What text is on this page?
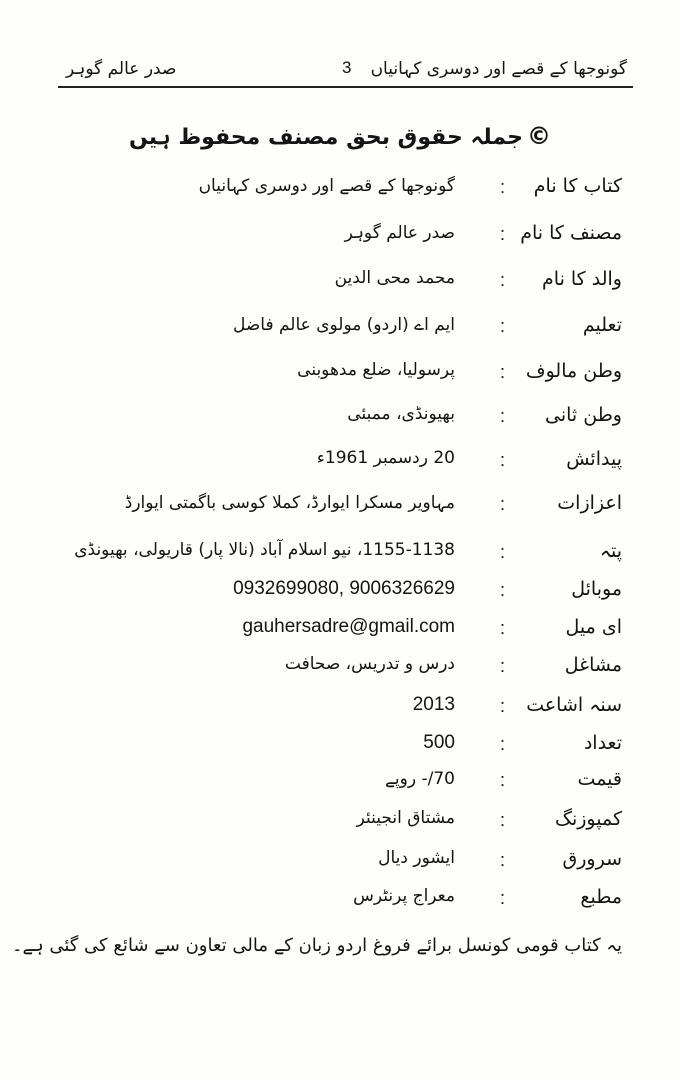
گونوجھا کے قصے اور دوسری کہانیاں
3
صدر عالم گوہر
©جملہ حقوق بحق مصنف محفوظ ہیں
کتاب کا نام
:
گونوجھا کے قصے اور دوسری کہانیاں
مصنف کا نام
:
صدر عالم گوہر
والد کا نام
:
محمد محی الدین
تعلیم
:
ایم اے (اردو) مولوی عالم فاضل
وطن مالوف
:
پرسولیا، ضلع مدھوبنی
وطن ثانی
:
بھیونڈی، ممبئی
پیدائش
:
20 ردسمبر 1961ء
اعزازات
:
مہاویر مسکرا ایوارڈ، کملا کوسی باگمتی ایوارڈ
پتہ
:
1155-1138، نیو اسلام آباد (نالا پار) قاریولی، بھیونڈی
موبائل
:
0932699080, 9006326629
ای میل
:
gauhersadre@gmail.com
مشاغل
:
درس و تدریس، صحافت
سنہ اشاعت
:
2013
تعداد
:
500
قیمت
:
70/- روپے
کمپوزنگ
:
مشتاق انجینئر
سرورق
:
ایشور دیال
مطبع
:
معراج پرنٹرس
یہ کتاب قومی کونسل برائے فروغ اردو زبان کے مالی تعاون سے شائع کی گئی ہے۔
